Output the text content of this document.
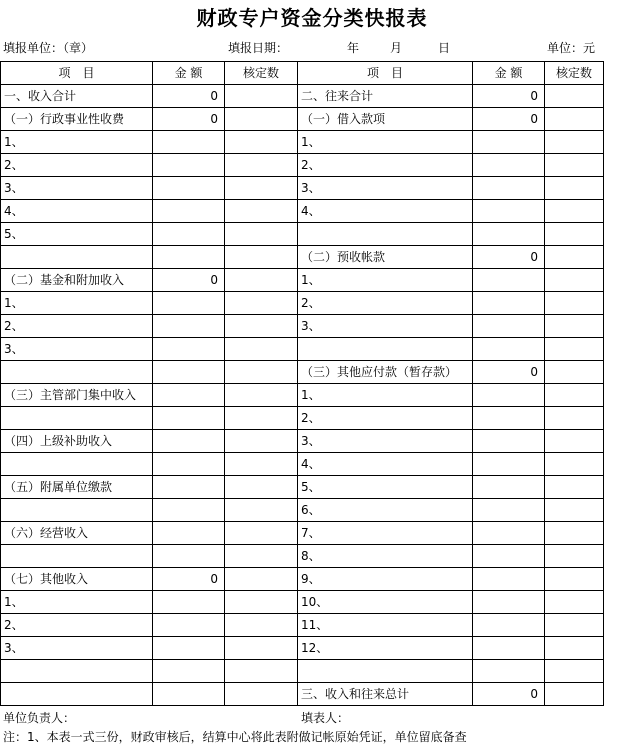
财政专户资金分类快报表
填报单位：（章）	填报日期：	年	月	日	单位：元
项　目	金 额	核定数	项　目	金 额	核定数
一、收入合计	0		二、往来合计	0	
（一）行政事业性收费	0		（一）借入款项	0	
1、			1、		
2、			2、		
3、			3、		
4、			4、		
5、					
			（二）预收帐款	0	
（二）基金和附加收入	0		1、		
1、			2、		
2、			3、		
3、					
			（三）其他应付款（暂存款）	0	
（三）主管部门集中收入			1、		
			2、		
（四）上级补助收入			3、		
			4、		
（五）附属单位缴款			5、		
			6、		
（六）经营收入			7、		
			8、		
（七）其他收入	0		9、		
1、			10、		
2、			11、		
3、			12、		

			三、收入和往来总计	0	
单位负责人：	填表人：
注：1、本表一式三份，财政审核后，结算中心将此表附做记帐原始凭证，单位留底备查
